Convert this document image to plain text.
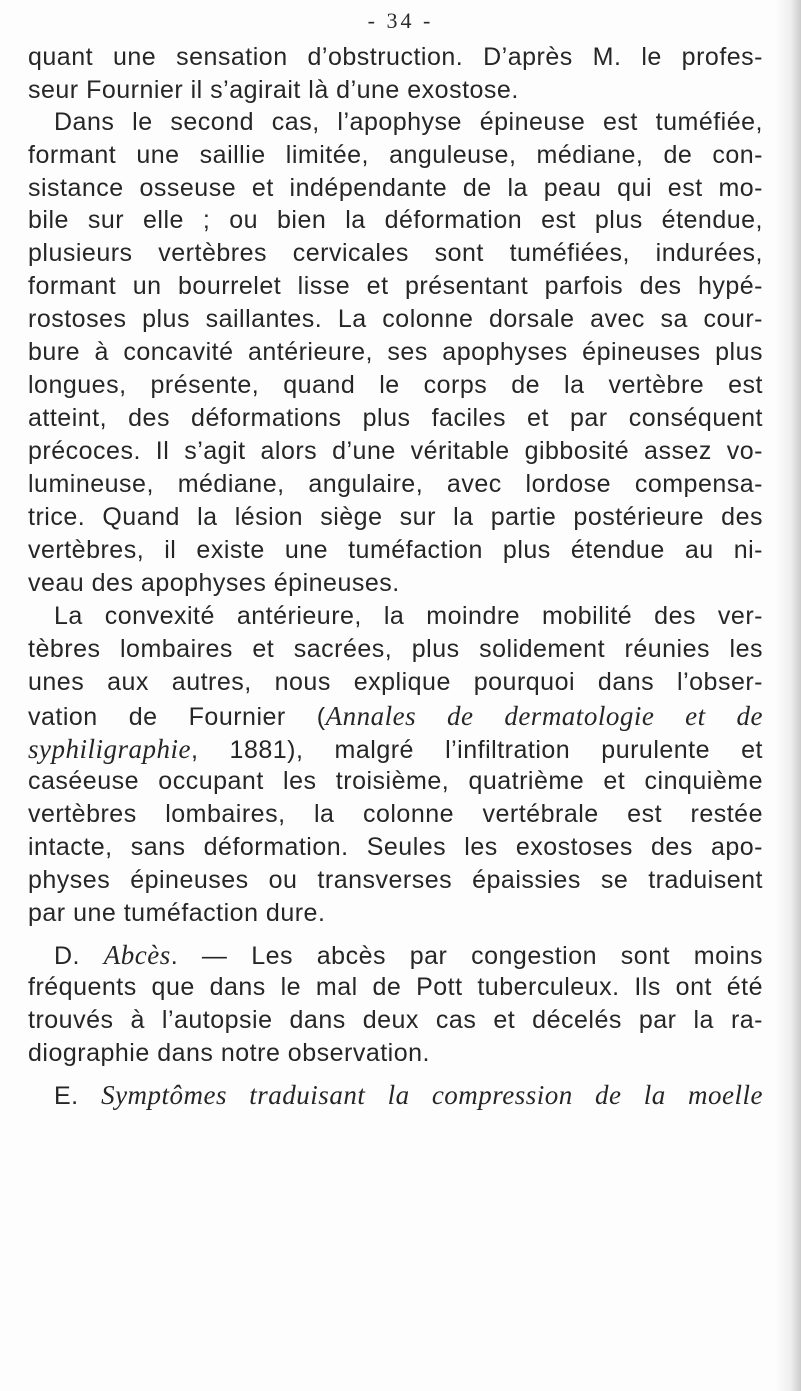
- 34 -
quant une sensation d’obstruction. D’après M. le profes-
seur Fournier il s’agirait là d’une exostose.
Dans le second cas, l’apophyse épineuse est tuméfiée,
formant une saillie limitée, anguleuse, médiane, de con-
sistance osseuse et indépendante de la peau qui est mo-
bile sur elle ; ou bien la déformation est plus étendue,
plusieurs vertèbres cervicales sont tuméfiées, indurées,
formant un bourrelet lisse et présentant parfois des hypé-
rostoses plus saillantes. La colonne dorsale avec sa cour-
bure à concavité antérieure, ses apophyses épineuses plus
longues, présente, quand le corps de la vertèbre est
atteint, des déformations plus faciles et par conséquent
précoces. Il s’agit alors d’une véritable gibbosité assez vo-
lumineuse, médiane, angulaire, avec lordose compensa-
trice. Quand la lésion siège sur la partie postérieure des
vertèbres, il existe une tuméfaction plus étendue au ni-
veau des apophyses épineuses.
La convexité antérieure, la moindre mobilité des ver-
tèbres lombaires et sacrées, plus solidement réunies les
unes aux autres, nous explique pourquoi dans l’obser-
vation de Fournier (Annales de dermatologie et de
syphiligraphie, 1881), malgré l’infiltration purulente et
caséeuse occupant les troisième, quatrième et cinquième
vertèbres lombaires, la colonne vertébrale est restée
intacte, sans déformation. Seules les exostoses des apo-
physes épineuses ou transverses épaissies se traduisent
par une tuméfaction dure.
D. Abcès. — Les abcès par congestion sont moins
fréquents que dans le mal de Pott tuberculeux. Ils ont été
trouvés à l’autopsie dans deux cas et décelés par la ra-
diographie dans notre observation.
E. Symptômes traduisant la compression de la moelle
